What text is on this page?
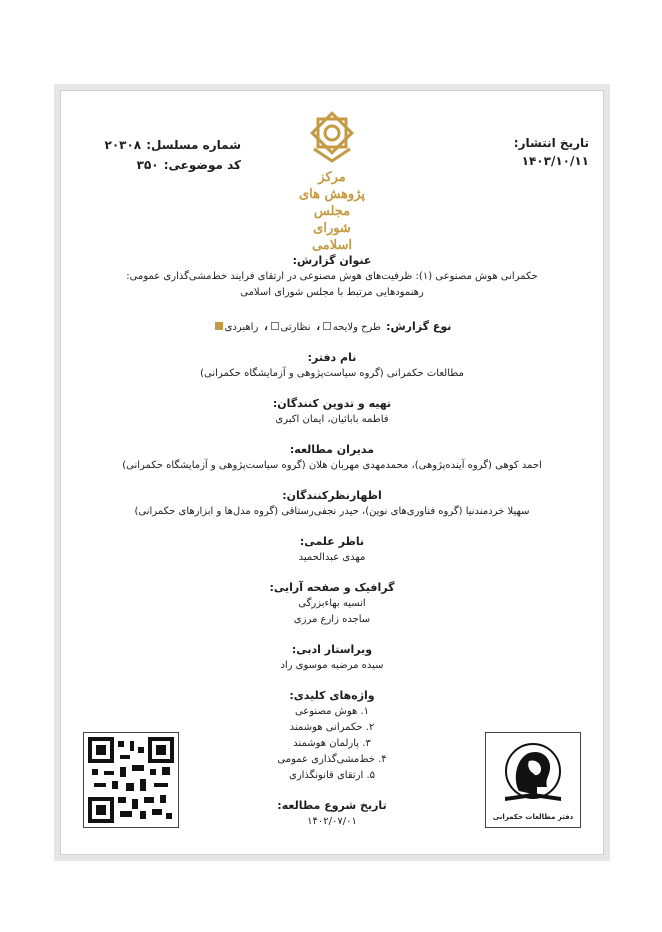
تاریخ انتشار:
۱۴۰۳/۱۰/۱۱
مرکز پژوهش های
مجلس شورای اسلامی
شماره مسلسل: ۲۰۳۰۸
کد موضوعی: ۳۵۰
عنوان گزارش:
حکمرانی هوش مصنوعی (۱): ظرفیت‌های هوش مصنوعی در ارتقای فرایند خط‌مشی‌گذاری عمومی:
رهنمودهایی مرتبط با مجلس شورای اسلامی
نوع گزارش: طرح ولایحه، نظارتی، راهبردی
نام دفتر:
مطالعات حکمرانی (گروه سیاست‌پژوهی و آزمایشگاه حکمرانی)
تهیه و تدوین کنندگان:
فاطمه باباثیان، ایمان اکبری
مدیران مطالعه:
احمد کوهی (گروه آینده‌پژوهی)، محمدمهدی مهربان هلان (گروه سیاست‌پژوهی و آزمایشگاه حکمرانی)
اظهارنظرکنندگان:
سهیلا خردمندنیا (گروه فناوری‌های نوین)، حیدر نجفی‌رستاقی (گروه مدل‌ها و ابزارهای حکمرانی)
ناظر علمی:
مهدی عبدالحمید
گرافیک و صفحه آرایی:
انسیه بهاءبزرگی
ساجده زارع مرزی
ویراستار ادبی:
سیده مرضیه موسوی راد
واژه‌های کلیدی:
۱. هوش مصنوعی
۲. حکمرانی هوشمند
۳. پارلمان هوشمند
۴. خط‌مشی‌گذاری عمومی
۵. ارتقای قانونگذاری
تاریخ شروع مطالعه:
۱۴۰۲/۰۷/۰۱	دفتر مطالعات حکمرانی
